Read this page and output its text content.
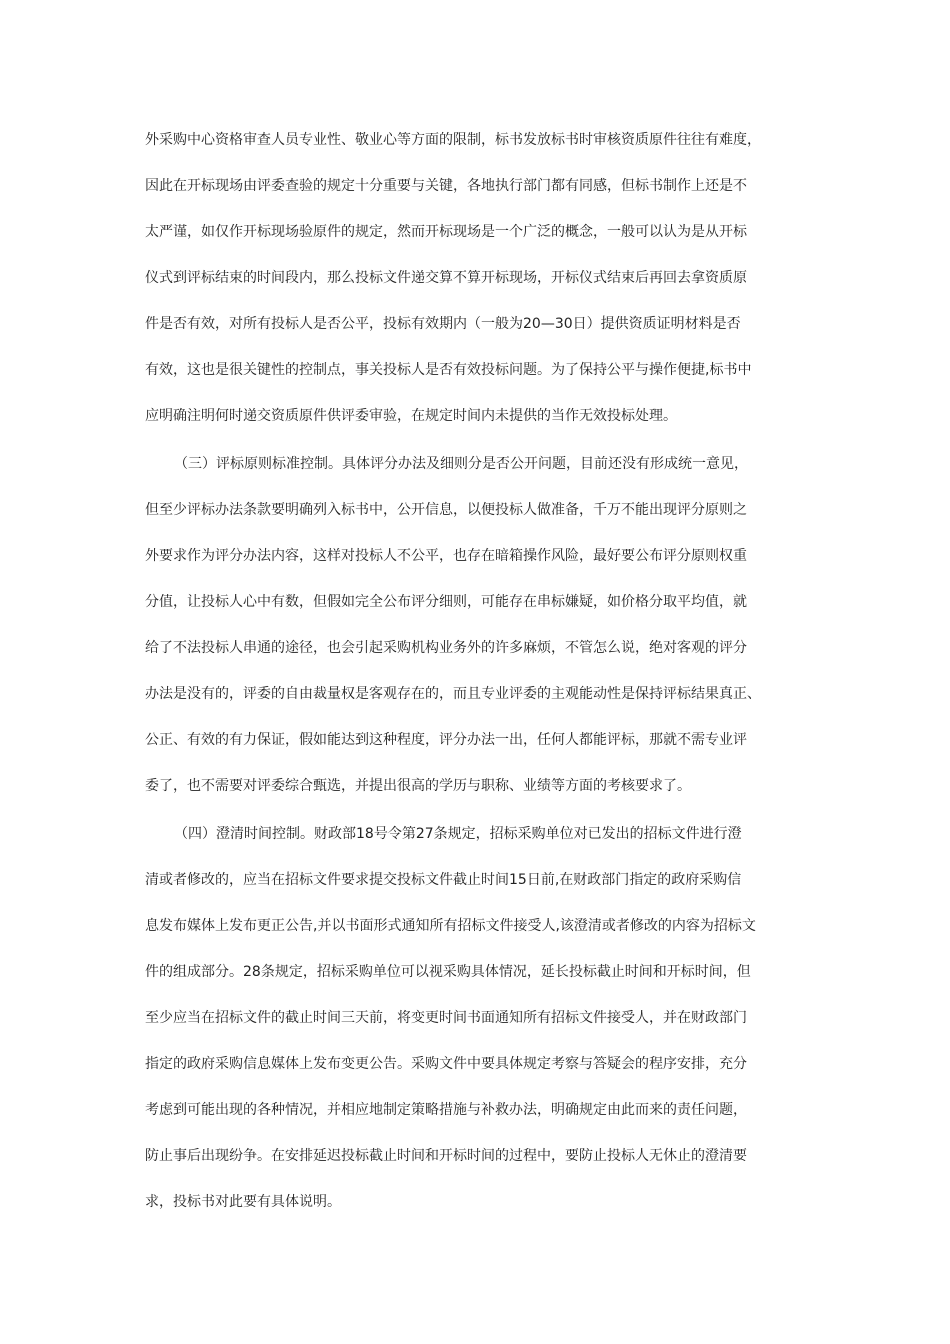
外采购中心资格审查人员专业性、敬业心等方面的限制，标书发放标书时审核资质原件往往有难度，
因此在开标现场由评委查验的规定十分重要与关键，各地执行部门都有同感，但标书制作上还是不
太严谨，如仅作开标现场验原件的规定，然而开标现场是一个广泛的概念，一般可以认为是从开标
仪式到评标结束的时间段内，那么投标文件递交算不算开标现场，开标仪式结束后再回去拿资质原
件是否有效，对所有投标人是否公平，投标有效期内（一般为20—30日）提供资质证明材料是否
有效，这也是很关键性的控制点，事关投标人是否有效投标问题。为了保持公平与操作便捷,标书中
应明确注明何时递交资质原件供评委审验，在规定时间内未提供的当作无效投标处理。
（三）评标原则标准控制。具体评分办法及细则分是否公开问题，目前还没有形成统一意见，
但至少评标办法条款要明确列入标书中，公开信息，以便投标人做准备，千万不能出现评分原则之
外要求作为评分办法内容，这样对投标人不公平，也存在暗箱操作风险，最好要公布评分原则权重
分值，让投标人心中有数，但假如完全公布评分细则，可能存在串标嫌疑，如价格分取平均值，就
给了不法投标人串通的途径，也会引起采购机构业务外的许多麻烦，不管怎么说，绝对客观的评分
办法是没有的，评委的自由裁量权是客观存在的，而且专业评委的主观能动性是保持评标结果真正、
公正、有效的有力保证，假如能达到这种程度，评分办法一出，任何人都能评标，那就不需专业评
委了，也不需要对评委综合甄选，并提出很高的学历与职称、业绩等方面的考核要求了。
（四）澄清时间控制。财政部18号令第27条规定，招标采购单位对已发出的招标文件进行澄
清或者修改的，应当在招标文件要求提交投标文件截止时间15日前,在财政部门指定的政府采购信
息发布媒体上发布更正公告,并以书面形式通知所有招标文件接受人,该澄清或者修改的内容为招标文
件的组成部分。28条规定，招标采购单位可以视采购具体情况，延长投标截止时间和开标时间，但
至少应当在招标文件的截止时间三天前，将变更时间书面通知所有招标文件接受人，并在财政部门
指定的政府采购信息媒体上发布变更公告。采购文件中要具体规定考察与答疑会的程序安排，充分
考虑到可能出现的各种情况，并相应地制定策略措施与补救办法，明确规定由此而来的责任问题，
防止事后出现纷争。在安排延迟投标截止时间和开标时间的过程中，要防止投标人无休止的澄清要
求，投标书对此要有具体说明。
